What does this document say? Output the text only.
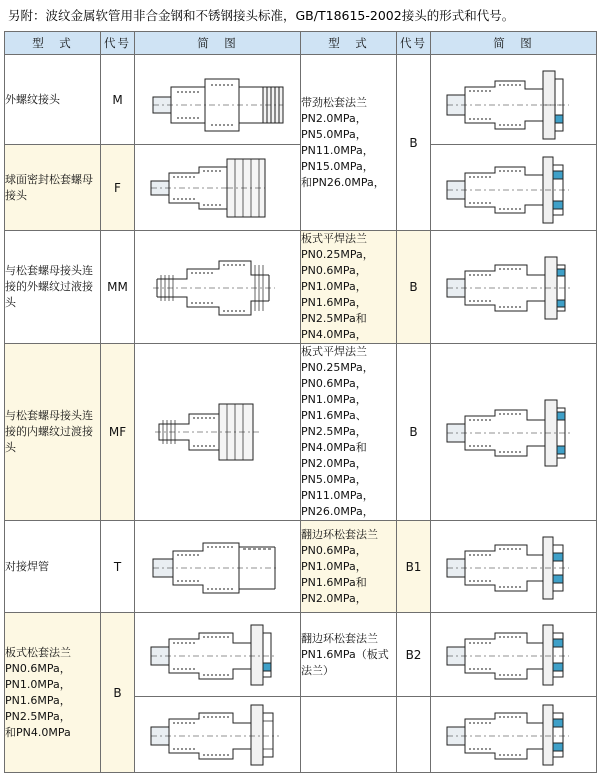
另附：波纹金属软管用非合金钢和不锈钢接头标准，GB/T18615-2002接头的形式和代号。
型　式	代号	简　图	型　式	代号	简　图
外螺纹接头	M		带劲松套法兰
PN2.0MPa，PN5.0MPa，
PN11.0MPa，PN15.0MPa，
和PN26.0MPa，	B	

球面密封松套螺母接头	F	

与松套螺母接头连接的外螺纹过液接头	MM		板式平焊法兰
PN0.25MPa，PN0.6MPa，
PN1.0MPa，PN1.6MPa，
PN2.5MPa和PN4.0MPa，	B	

与松套螺母接头连接的内螺纹过渡接头	MF	
	板式平焊法兰
PN0.25MPa，PN0.6MPa，
PN1.0MPa，PN1.6MPa、
PN2.5MPa，PN4.0MPa和
PN2.0MPa，PN5.0MPa，
PN11.0MPa，PN26.0MPa，	B	

对接焊管	T		翻边环松套法兰
PN0.6MPa，PN1.0MPa，
PN1.6MPa和PN2.0MPa，	B1	

板式松套法兰
PN0.6MPa，PN1.0MPa，
PN1.6MPa，PN2.5MPa，
和PN4.0MPa	B		翻边环松套法兰
PN1.6MPa（板式法兰）	B2	
